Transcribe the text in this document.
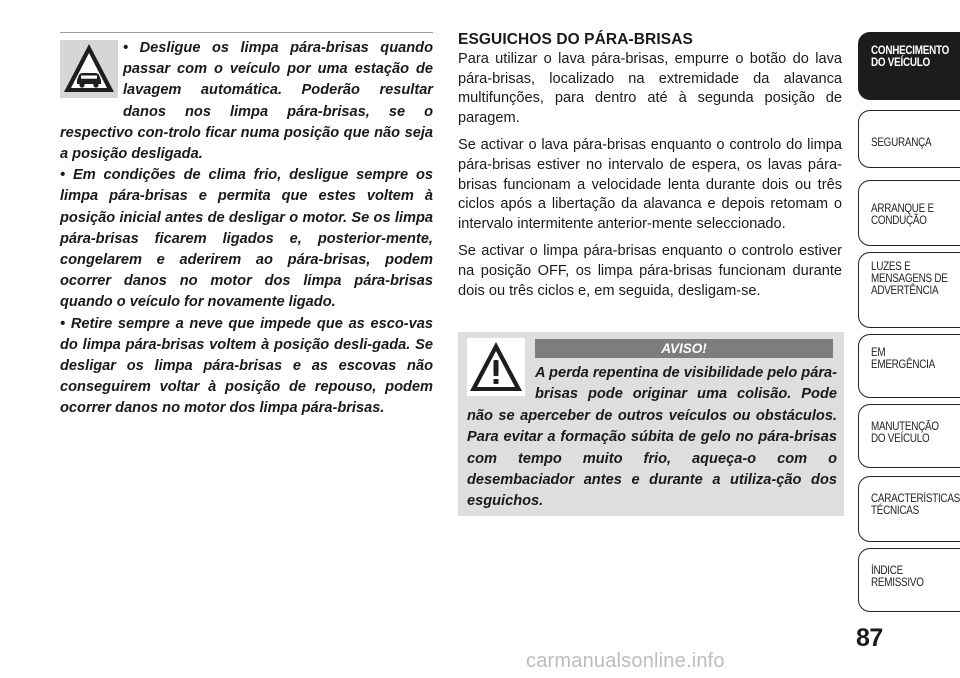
• Desligue os limpa pára-brisas quando passar com o veículo por uma estação de lavagem automática. Poderão resultar danos nos limpa pára-brisas, se o respectivo con-trolo ficar numa posição que não seja a posição desligada.

• Em condições de clima frio, desligue sempre os limpa pára-brisas e permita que estes voltem à posição inicial antes de desligar o motor. Se os limpa pára-brisas ficarem ligados e, posterior-mente, congelarem e aderirem ao pára-brisas, podem ocorrer danos no motor dos limpa pára-brisas quando o veículo for novamente ligado.

• Retire sempre a neve que impede que as esco-vas do limpa pára-brisas voltem à posição desli-gada. Se desligar os limpa pára-brisas e as escovas não conseguirem voltar à posição de repouso, podem ocorrer danos no motor dos limpa pára-brisas.

ESGUICHOS DO PÁRA-BRISAS

Para utilizar o lava pára-brisas, empurre o botão do lava pára-brisas, localizado na extremidade da alavanca multifunções, para dentro até à segunda posição de paragem.

Se activar o lava pára-brisas enquanto o controlo do limpa pára-brisas estiver no intervalo de espera, os lavas pára-brisas funcionam a velocidade lenta durante dois ou três ciclos após a libertação da alavanca e depois retomam o intervalo intermitente anterior-mente seleccionado.

Se activar o limpa pára-brisas enquanto o controlo estiver na posição OFF, os limpa pára-brisas funcionam durante dois ou três ciclos e, em seguida, desligam-se.

AVISO!
A perda repentina de visibilidade pelo pára-brisas pode originar uma colisão. Pode não se aperceber de outros veículos ou obstáculos. Para evitar a formação súbita de gelo no pára-brisas com tempo muito frio, aqueça-o com o desembaciador antes e durante a utiliza-ção dos esguichos.
CONHECIMENTO DO VEÍCULO
SEGURANÇA
ARRANQUE E CONDUÇÃO
LUZES E MENSAGENS DE ADVERTÊNCIA
EM EMERGÊNCIA
MANUTENÇÃO DO VEÍCULO
CARACTERÍSTICAS TÉCNICAS
ÍNDICE REMISSIVO
87
carmanualsonline.info
